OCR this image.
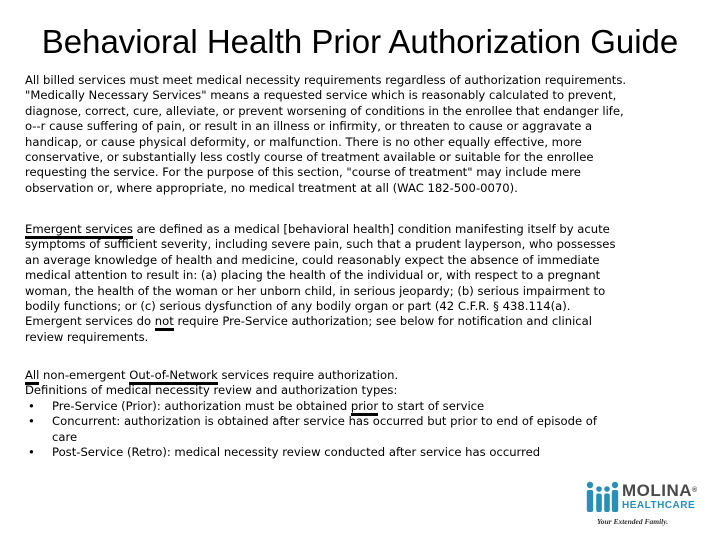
Behavioral Health Prior Authorization Guide
All billed services must meet medical necessity requirements regardless of authorization requirements.
"Medically Necessary Services" means a requested service which is reasonably calculated to prevent,
diagnose, correct, cure, alleviate, or prevent worsening of conditions in the enrollee that endanger life,
o--r cause suffering of pain, or result in an illness or infirmity, or threaten to cause or aggravate a
handicap, or cause physical deformity, or malfunction. There is no other equally effective, more
conservative, or substantially less costly course of treatment available or suitable for the enrollee
requesting the service. For the purpose of this section, "course of treatment" may include mere
observation or, where appropriate, no medical treatment at all (WAC 182-500-0070).
Emergent services are defined as a medical [behavioral health] condition manifesting itself by acute
symptoms of sufficient severity, including severe pain, such that a prudent layperson, who possesses
an average knowledge of health and medicine, could reasonably expect the absence of immediate
medical attention to result in: (a) placing the health of the individual or, with respect to a pregnant
woman, the health of the woman or her unborn child, in serious jeopardy; (b) serious impairment to
bodily functions; or (c) serious dysfunction of any bodily organ or part (42 C.F.R. § 438.114(a).
Emergent services do not require Pre-Service authorization; see below for notification and clinical
review requirements.
All non-emergent Out-of-Network services require authorization.
Definitions of medical necessity review and authorization types:
• Pre-Service (Prior): authorization must be obtained prior to start of service
• Concurrent: authorization is obtained after service has occurred but prior to end of episode of
care
• Post-Service (Retro): medical necessity review conducted after service has occurred
MOLINA®
HEALTHCARE
Your Extended Family.
